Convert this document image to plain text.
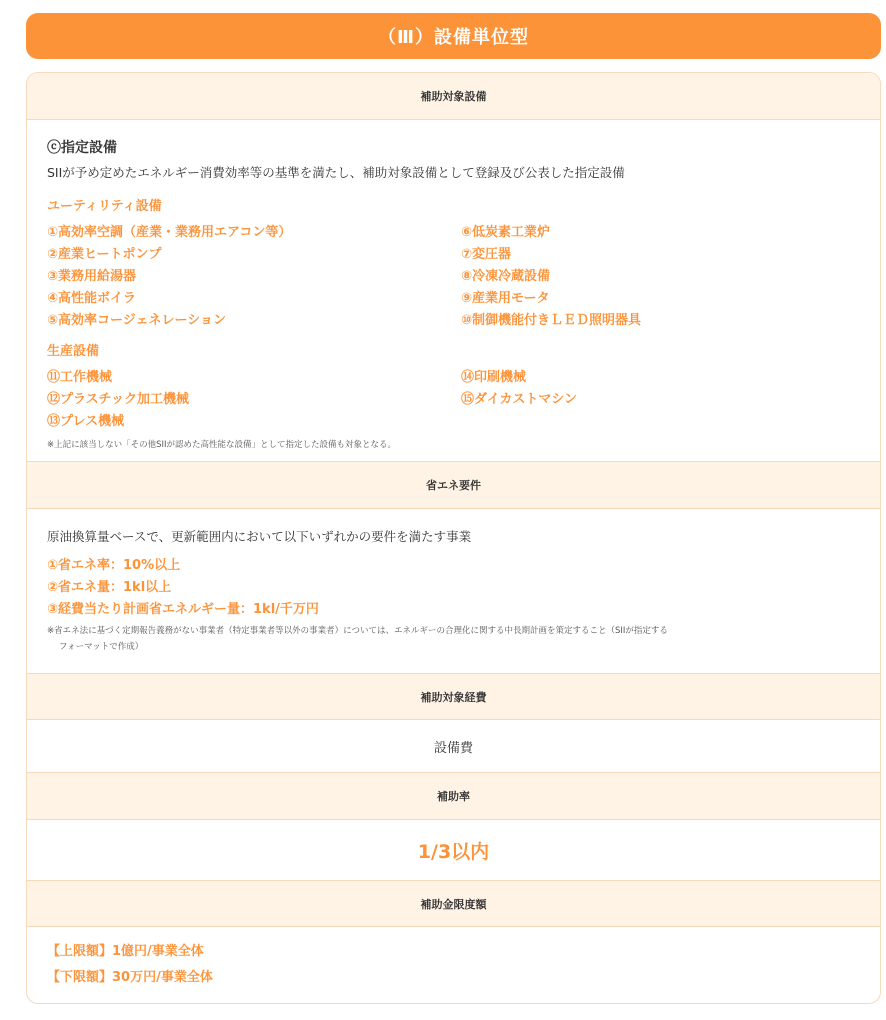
（Ⅲ）設備単位型
補助対象設備
ⓒ指定設備
SIIが予め定めたエネルギー消費効率等の基準を満たし、補助対象設備として登録及び公表した指定設備
ユーティリティ設備
①高効率空調（産業・業務用エアコン等）
②産業ヒートポンプ
③業務用給湯器
④高性能ボイラ
⑤高効率コージェネレーション
⑥低炭素工業炉
⑦変圧器
⑧冷凍冷蔵設備
⑨産業用モータ
⑩制御機能付きＬＥＤ照明器具
生産設備
⑪工作機械
⑫プラスチック加工機械
⑬プレス機械
⑭印刷機械
⑮ダイカストマシン
※上記に該当しない「その他SIIが認めた高性能な設備」として指定した設備も対象となる。
省エネ要件
原油換算量ベースで、更新範囲内において以下いずれかの要件を満たす事業
①省エネ率：10%以上
②省エネ量：1kl以上
③経費当たり計画省エネルギー量：1kl/千万円
※省エネ法に基づく定期報告義務がない事業者（特定事業者等以外の事業者）については、エネルギーの合理化に関する中長期計画を策定すること（SIIが指定する
フォーマットで作成）
補助対象経費
設備費
補助率
1/3以内
補助金限度額
【上限額】1億円/事業全体
【下限額】30万円/事業全体
